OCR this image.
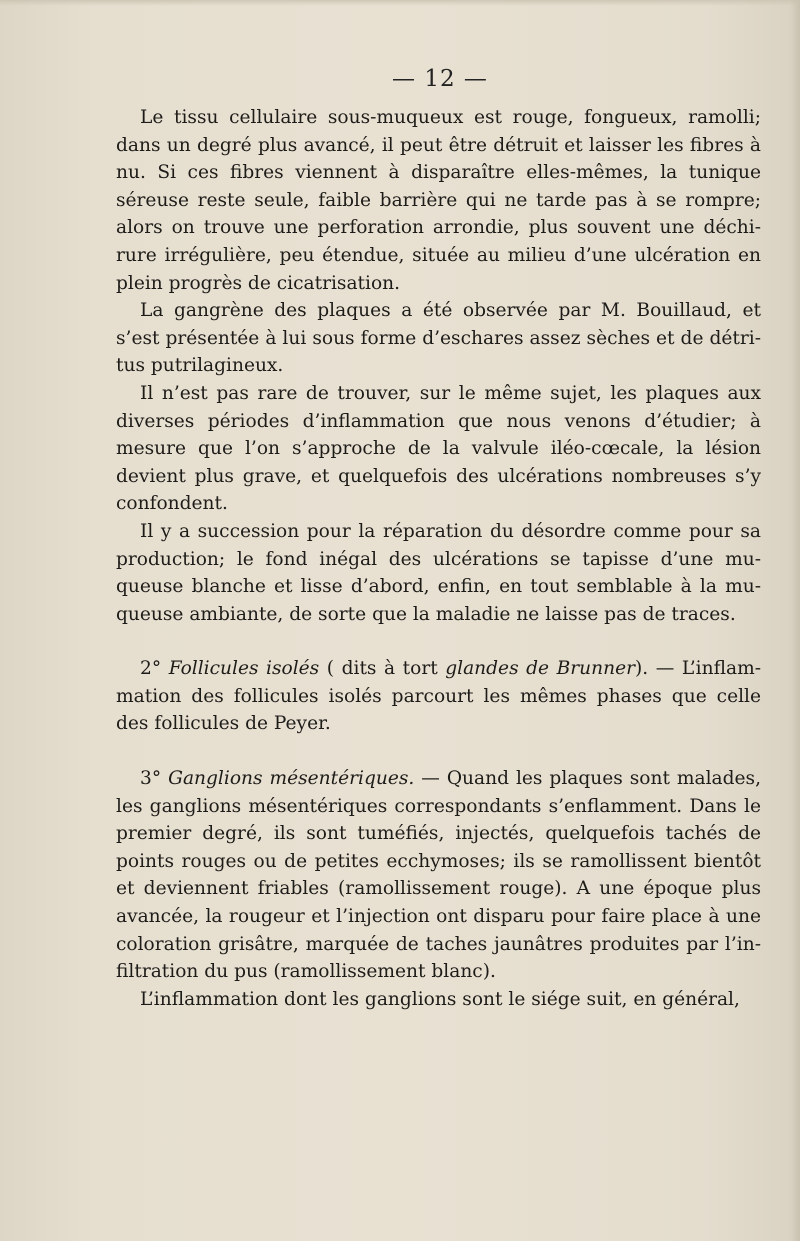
— 12 —

Le tissu cellulaire sous-muqueux est rouge, fongueux, ramolli; dans un degré plus avancé, il peut être détruit et laisser les fibres à nu. Si ces fibres viennent à disparaître elles-mêmes, la tunique séreuse reste seule, faible barrière qui ne tarde pas à se rompre; alors on trouve une perforation arrondie, plus souvent une déchirure irrégulière, peu étendue, située au milieu d’une ulcération en plein progrès de cicatrisation.

La gangrène des plaques a été observée par M. Bouillaud, et s’est présentée à lui sous forme d’eschares assez sèches et de détritus putrilagineux.

Il n’est pas rare de trouver, sur le même sujet, les plaques aux diverses périodes d’inflammation que nous venons d’étudier; à mesure que l’on s’approche de la valvule iléo-cœcale, la lésion devient plus grave, et quelquefois des ulcérations nombreuses s’y confondent.

Il y a succession pour la réparation du désordre comme pour sa production; le fond inégal des ulcérations se tapisse d’une muqueuse blanche et lisse d’abord, enfin, en tout semblable à la muqueuse ambiante, de sorte que la maladie ne laisse pas de traces.

2° Follicules isolés ( dits à tort glandes de Brunner). — L’inflammation des follicules isolés parcourt les mêmes phases que celle des follicules de Peyer.

3° Ganglions mésentériques. — Quand les plaques sont malades, les ganglions mésentériques correspondants s’enflamment. Dans le premier degré, ils sont tuméfiés, injectés, quelquefois tachés de points rouges ou de petites ecchymoses; ils se ramollissent bientôt et deviennent friables (ramollissement rouge). A une époque plus avancée, la rougeur et l’injection ont disparu pour faire place à une coloration grisâtre, marquée de taches jaunâtres produites par l’infiltration du pus (ramollissement blanc).

L’inflammation dont les ganglions sont le siége suit, en général,
